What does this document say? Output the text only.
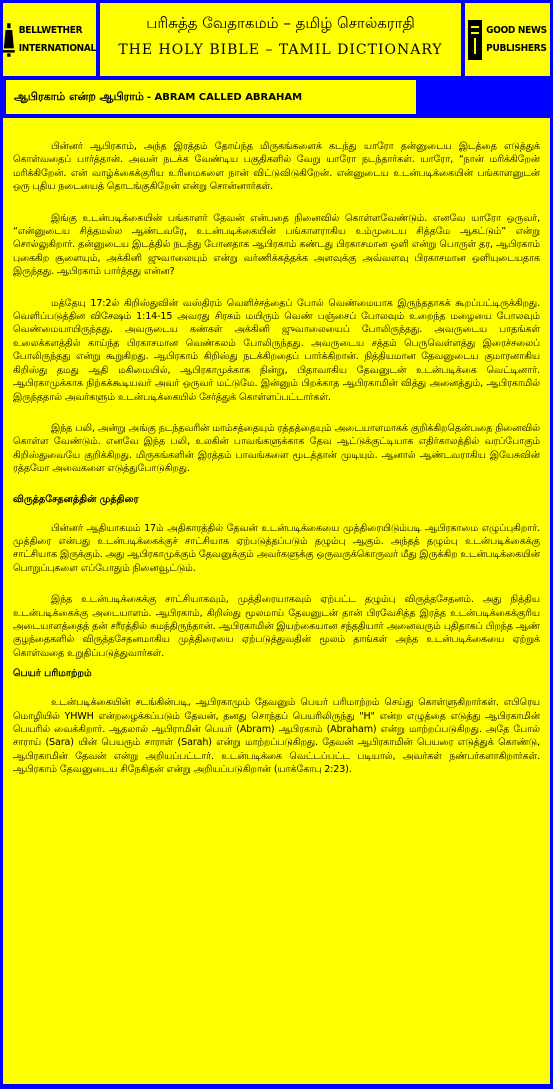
BELLWETHER
INTERNATIONAL
பரிசுத்த வேதாகமம் – தமிழ் சொல்கராதி
THE HOLY BIBLE – TAMIL DICTIONARY
GOOD NEWS
PUBLISHERS
ஆபிரகாம் என்ற ஆபிராம் - ABRAM CALLED ABRAHAM

பின்னர் ஆபிரகாம், அந்த இரத்தம் தோய்ந்த மிருகங்களைக் கடந்து யாரோ தன்னுடைய இடத்தை எடுத்துக் கொள்வதைப் பார்த்தான். அவன் நடக்க வேண்டிய பகுதிகளில் வேறு யாரோ நடந்தார்கள். யாரோ, “நான் மரிக்கிறேன் மரிக்கிறேன். என் வாழ்க்கைக்குரிய உரிமைகளை நான் விட்டுவிடுகிறேன். என்னுடைய உடன்படிக்கையின் பங்காளனுடன் ஒரு புதிய நடையைத் தொடங்குகிறேன் என்று சொன்னார்கள்.

இங்கு உடன்படிக்கையின் பங்காளர் தேவன் என்பதை நினைவில் கொள்ளவேண்டும். எனவே யாரோ ஒருவர், “என்னுடைய சித்தமல்ல ஆண்டவரே, உடன்படிக்கையின் பங்காளராகிய உம்முடைய சித்தமே ஆகட்டும்” என்று சொல்லுகிறார். தன்னுடைய இடத்தில் நடந்து போனதாக ஆபிரகாம் கண்டது பிரகாசமான ஒளி என்று பொருள் தர, ஆபிரகாம் புகைகிற சூளையும், அக்கினி ஜுவாலையும் என்று வர்ணிக்கத்தக்க அளவுக்கு அவ்வளவு பிரகாசமான ஒளியுடையதாக இருந்தது. ஆபிரகாம் பார்த்தது என்ன?

மத்தேயு 17:2ல் கிறிஸ்துவின் வஸ்திரம் வெளிச்சத்தைப் போல் வெண்மையாக இருந்ததாகக் கூறப்பட்டிருக்கிறது. வெளிப்படுத்தின விசேஷம் 1:14-15 அவரது சிரசும் மயிரும் வெண் பஞ்சைப் போலவும் உறைந்த மழையை போலவும் வெண்மையாயிருந்தது. அவருடைய கண்கள் அக்கினி ஜுவாலையைப் போலிருந்தது. அவருடைய பாதங்கள் உலைக்களத்தில் காய்ந்த பிரகாசமான வெண்கலம் போலிருந்தது. அவருடைய சத்தம் பெருவெள்ளத்து இரைச்சலைப் போலிருந்தது என்று கூறுகிறது. ஆபிரகாம் கிறிஸ்து நடக்கிறதைப் பார்க்கிறான். நித்தியமான தேவனுடைய குமாரனாகிய கிறிஸ்து தமது ஆதி மகிமையில், ஆபிரகாமுக்காக நின்று, பிதாவாகிய தேவனுடன் உடன்படிக்கை வெட்டினார். ஆபிரகாமுக்காக நிற்கக்கூடியவர் அவர் ஒருவர் மட்டுமே. இன்னும் பிறக்காத ஆபிரகாமின் வித்து அனைத்தும், ஆபிரகாமில் இருந்ததால் அவர்களும் உடன்படிக்கையில் சேர்த்துக் கொள்ளப்பட்டார்கள்.

இந்த பலி, அன்று அங்கு நடந்தவரின் மாம்சத்தையும் ரத்தத்தையும் அடையாளமாகக் குறிக்கிறதென்பதை நினைவில் கொள்ள வேண்டும். எனவே இந்த பலி, உலகின் பாவங்களுக்காக தேவ ஆட்டுக்குட்டியாக எதிர்காலத்தில் வரப்போகும் கிறிஸ்துவையே குறிக்கிறது. மிருகங்களின் இரத்தம் பாவங்களை மூடத்தான் முடியும். ஆனால் ஆண்டவராகிய இயேசுவின் ரத்தமோ அவைகளை எடுத்துபோடுகிறது.

விருத்தசேதனத்தின் முத்திரை

பின்னர் ஆதியாகமம் 17ம் அதிகாரத்தில் தேவன் உடன்படிக்கையை முத்திரையிடும்படி ஆபிரகாமை எழுப்புகிறார். முத்திரை என்பது உடன்படிக்கைக்குச் சாட்சியாக ஏற்படுத்தப்படும் தழும்பு ஆகும். அந்தத் தழும்பு உடன்படிக்கைக்கு சாட்சியாக இருக்கும். அது ஆபிரகாமுக்கும் தேவனுக்கும் அவர்களுக்கு ஒருவருக்கொருவர் மீது இருக்கிற உடன்படிக்கையின் பொறுப்புகளை எப்போதும் நினைவூட்டும்.

இந்த உடன்படிக்கைக்கு சாட்சியாகவும், முத்திரையாகவும் ஏற்பட்ட தழும்பு விருத்தசேதனம். அது நித்திய உடன்படிக்கைக்கு அடையாளம். ஆபிரகாம், கிறிஸ்து மூலமாய் தேவனுடன் தான் பிரவேசித்த இரத்த உடன்படிக்கைக்குரிய அடையாளத்தைத் தன் சரீரத்தில் சுமந்திருந்தான். ஆபிரகாமின் இயற்கையான சந்ததியார் அனைவரும் புதிதாகப் பிறந்த ஆண் குழந்தைகளில் விருத்தசேதனமாகிய முத்திரையை ஏற்படுத்துவதின் மூலம் தாங்கள் அந்த உடன்படிக்கையை ஏற்றுக் கொள்வதை உறுதிப்படுத்துவார்கள்.

பெயர் பரிமாற்றம்

உடன்படிக்கையின் சடங்கின்படி, ஆபிரகாமும் தேவனும் பெயர் பரிமாற்றம் செய்து கொள்ளுகிறார்கள். எபிரெய மொழியில் YHWH என்றழைக்கப்படும் தேவன், தனது சொந்தப் பெயரிலிருந்து "H" என்ற எழுத்தை எடுத்து ஆபிரகாமின் பெயரில் வைக்கிறார். ஆதலால் ஆபிராமின் பெயர் (Abram) ஆபிரகாம் (Abraham) என்று மாற்றப்படுகிறது. அதே போல் சாராய் (Sara) யின் பெயரும் சாராள் (Sarah) என்று மாற்றப்படுகிறது. தேவன் ஆபிரகாமின் பெயரை எடுத்துக் கொண்டு, ஆபிரகாமின் தேவன் என்று அறியப்பட்டார். உடன்படிக்கை வெட்டப்பட்ட படியால், அவர்கள் நண்பர்களாகிறார்கள். ஆபிரகாம் தேவனுடைய சிநேகிதன் என்று அறியப்படுகிறான் (யாக்கோபு 2:23).
